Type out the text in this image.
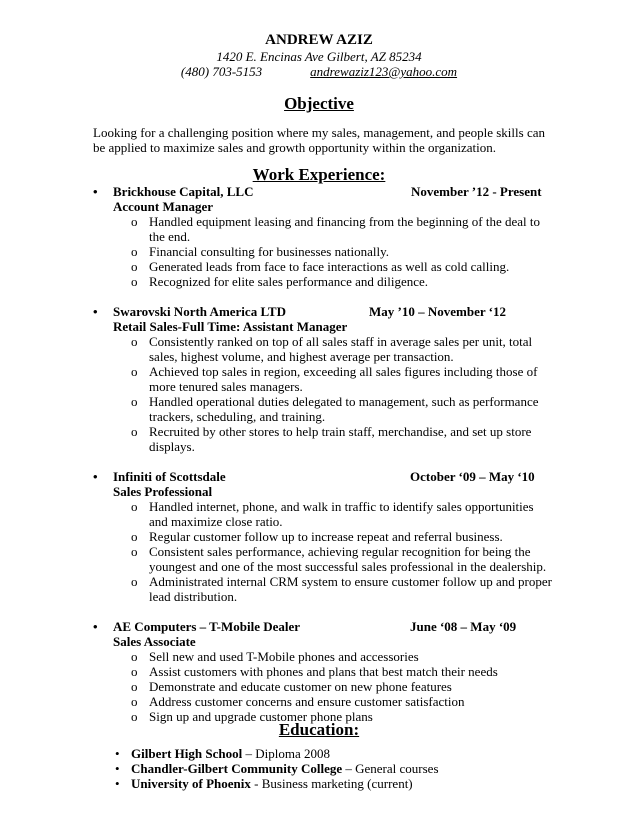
ANDREW AZIZ

1420 E. Encinas Ave Gilbert, AZ 85234

(480) 703-5153	andrewaziz123@yahoo.com

Objective
Looking for a challenging position where my sales, management, and people skills can be applied to maximize sales and growth opportunity within the organization.
Work Experience:
• Brickhouse Capital, LLC	November ’12 - Present
Account Manager
o Handled equipment leasing and financing from the beginning of the deal to the end.
o Financial consulting for businesses nationally.
o Generated leads from face to face interactions as well as cold calling.
o Recognized for elite sales performance and diligence.
• Swarovski North America LTD	May ’10 – November ‘12
Retail Sales-Full Time: Assistant Manager
o Consistently ranked on top of all sales staff in average sales per unit, total sales, highest volume, and highest average per transaction.
o Achieved top sales in region, exceeding all sales figures including those of more tenured sales managers.
o Handled operational duties delegated to management, such as performance trackers, scheduling, and training.
o Recruited by other stores to help train staff, merchandise, and set up store displays.
• Infiniti of Scottsdale	October ‘09 – May ‘10
Sales Professional
o Handled internet, phone, and walk in traffic to identify sales opportunities and maximize close ratio.
o Regular customer follow up to increase repeat and referral business.
o Consistent sales performance, achieving regular recognition for being the youngest and one of the most successful sales professional in the dealership.
o Administrated internal CRM system to ensure customer follow up and proper lead distribution.
• AE Computers – T-Mobile Dealer	June ‘08 – May ‘09
Sales Associate
o Sell new and used T-Mobile phones and accessories
o Assist customers with phones and plans that best match their needs
o Demonstrate and educate customer on new phone features
o Address customer concerns and ensure customer satisfaction
o Sign up and upgrade customer phone plans
Education:
• Gilbert High School – Diploma 2008
• Chandler-Gilbert Community College – General courses
• University of Phoenix - Business marketing (current)
